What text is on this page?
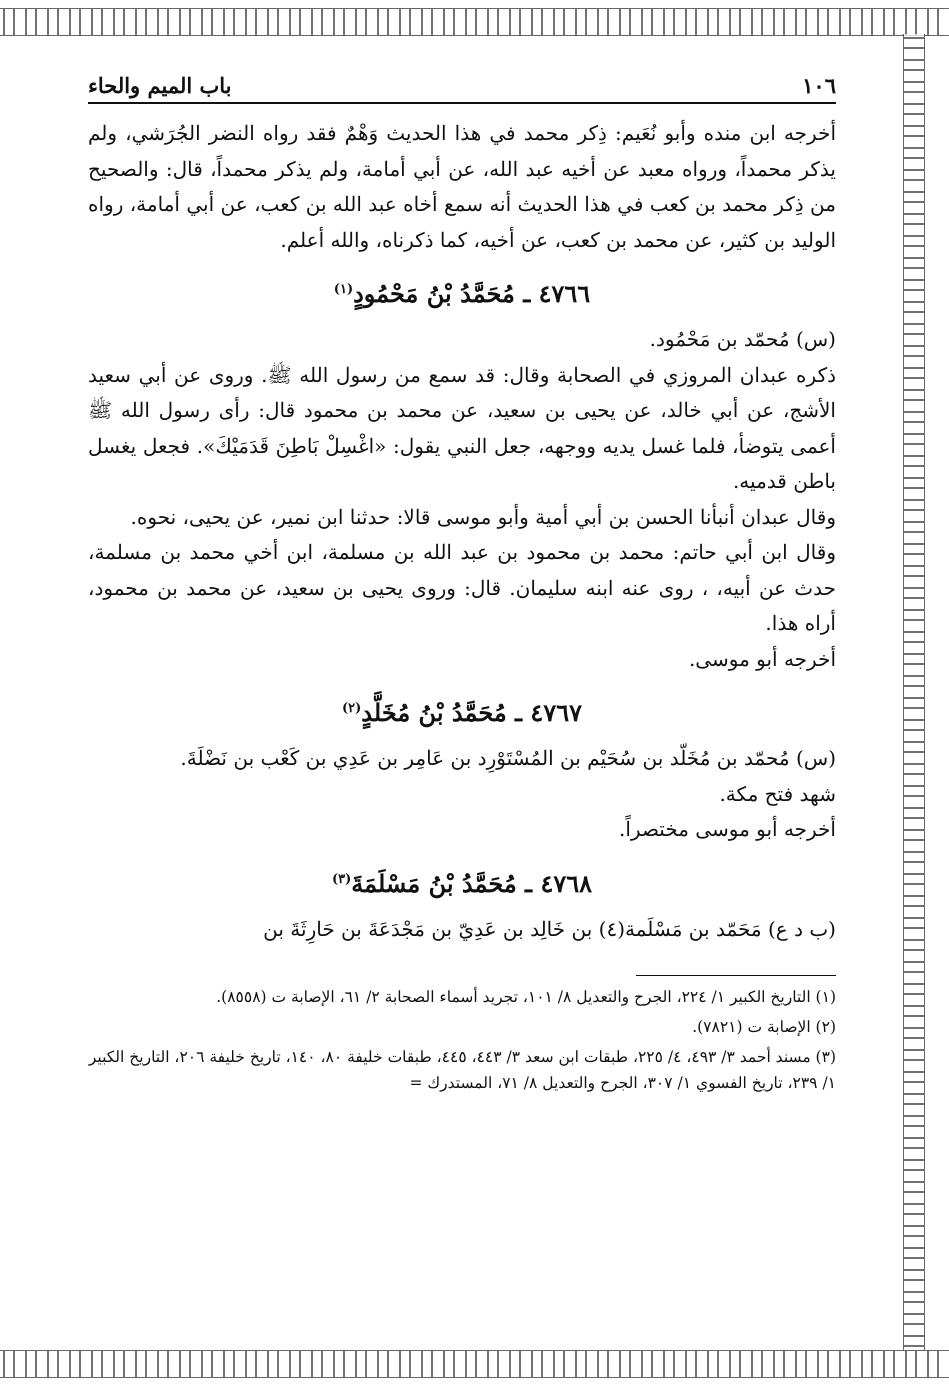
١٠٦
باب الميم والحاء

أخرجه ابن منده وأبو نُعَيم: ذِكر محمد في هذا الحديث وَهْمٌ فقد رواه النضر الجُرَشي، ولم يذكر محمداً، ورواه معبد عن أخيه عبد الله، عن أبي أمامة، ولم يذكر محمداً، قال: والصحيح من ذِكر محمد بن كعب في هذا الحديث أنه سمع أخاه عبد الله بن كعب، عن أبي أمامة، رواه الوليد بن كثير، عن محمد بن كعب، عن أخيه، كما ذكرناه، والله أعلم.

٤٧٦٦ ـ مُحَمَّدُ بْنُ مَحْمُودٍ$^{(١)}$

(س) مُحمّد بن مَحْمُود.

ذكره عبدان المروزي في الصحابة وقال: قد سمع من رسول الله ﷺ. وروى عن أبي سعيد الأشج، عن أبي خالد، عن يحيى بن سعيد، عن محمد بن محمود قال: رأى رسول الله ﷺ أعمى يتوضأ، فلما غسل يديه ووجهه، جعل النبي يقول: «اغْسِلْ بَاطِنَ قَدَمَيْكَ». فجعل يغسل باطن قدميه.

وقال عبدان أنبأنا الحسن بن أبي أمية وأبو موسى قالا: حدثنا ابن نمير، عن يحيى، نحوه.

وقال ابن أبي حاتم: محمد بن محمود بن عبد الله بن مسلمة، ابن أخي محمد بن مسلمة، حدث عن أبيه، ، روى عنه ابنه سليمان. قال: وروى يحيى بن سعيد، عن محمد بن محمود، أراه هذا.

أخرجه أبو موسى.

٤٧٦٧ ـ مُحَمَّدُ بْنُ مُخَلَّدٍ$^{(٢)}$

(س) مُحمّد بن مُخَلّد بن سُحَيْم بن المُسْتَوْرِد بن عَامِر بن عَدِي بن كَعْب بن نَضْلَةَ.

شهد فتح مكة.

أخرجه أبو موسى مختصراً.

٤٧٦٨ ـ مُحَمَّدُ بْنُ مَسْلَمَةَ$^{(٣)}$

(ب د ع) مَحَمّد بن مَسْلَمة(٤) بن خَالِد بن عَدِيّ بن مَجْدَعَةَ بن حَارِثَةَ بن

(١) التاريخ الكبير ١/ ٢٢٤، الجرح والتعديل ٨/ ١٠١، تجريد أسماء الصحابة ٢/ ٦١، الإصابة ت (٨٥٥٨).

(٢) الإصابة ت (٧٨٢١).

(٣) مسند أحمد ٣/ ٤٩٣، ٤/ ٢٢٥، طبقات ابن سعد ٣/ ٤٤٣، ٤٤٥، طبقات خليفة ٨٠، ١٤٠، تاريخ خليفة ٢٠٦، التاريخ الكبير ١/ ٢٣٩، تاريخ الفسوي ١/ ٣٠٧، الجرح والتعديل ٨/ ٧١، المستدرك =
